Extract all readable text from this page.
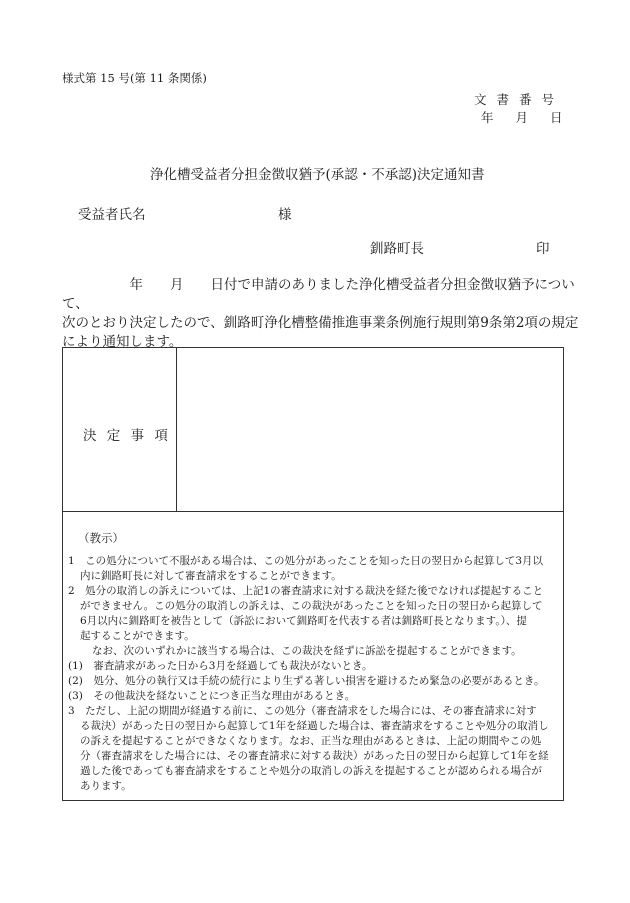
様式第 15 号(第 11 条関係)
文書番号
年 月 日
浄化槽受益者分担金徴収猶予(承認・不承認)決定通知書
受益者氏名	様
釧路町長	印
　　　　　年　　月　　日付で申請のありました浄化槽受益者分担金徴収猶予について、
次のとおり決定したので、釧路町浄化槽整備推進事業条例施行規則第9条第2項の規定
により通知します。
決 定 事 項
（教示）
1　この処分について不服がある場合は、この処分があったことを知った日の翌日から起算して3月以
内に釧路町長に対して審査請求をすることができます。
2　処分の取消しの訴えについては、上記1の審査請求に対する裁決を経た後でなければ提起すること
ができません。この処分の取消しの訴えは、この裁決があったことを知った日の翌日から起算して
6月以内に釧路町を被告として（訴訟において釧路町を代表する者は釧路町長となります。）、提
起することができます。
なお、次のいずれかに該当する場合は、この裁決を経ずに訴訟を提起することができます。
(1)　審査請求があった日から3月を経過しても裁決がないとき。
(2)　処分、処分の執行又は手続の続行により生ずる著しい損害を避けるため緊急の必要があるとき。
(3)　その他裁決を経ないことにつき正当な理由があるとき。
3　ただし、上記の期間が経過する前に、この処分（審査請求をした場合には、その審査請求に対す
る裁決）があった日の翌日から起算して1年を経過した場合は、審査請求をすることや処分の取消し
の訴えを提起することができなくなります。なお、正当な理由があるときは、上記の期間やこの処
分（審査請求をした場合には、その審査請求に対する裁決）があった日の翌日から起算して1年を経
過した後であっても審査請求をすることや処分の取消しの訴えを提起することが認められる場合が
あります。
